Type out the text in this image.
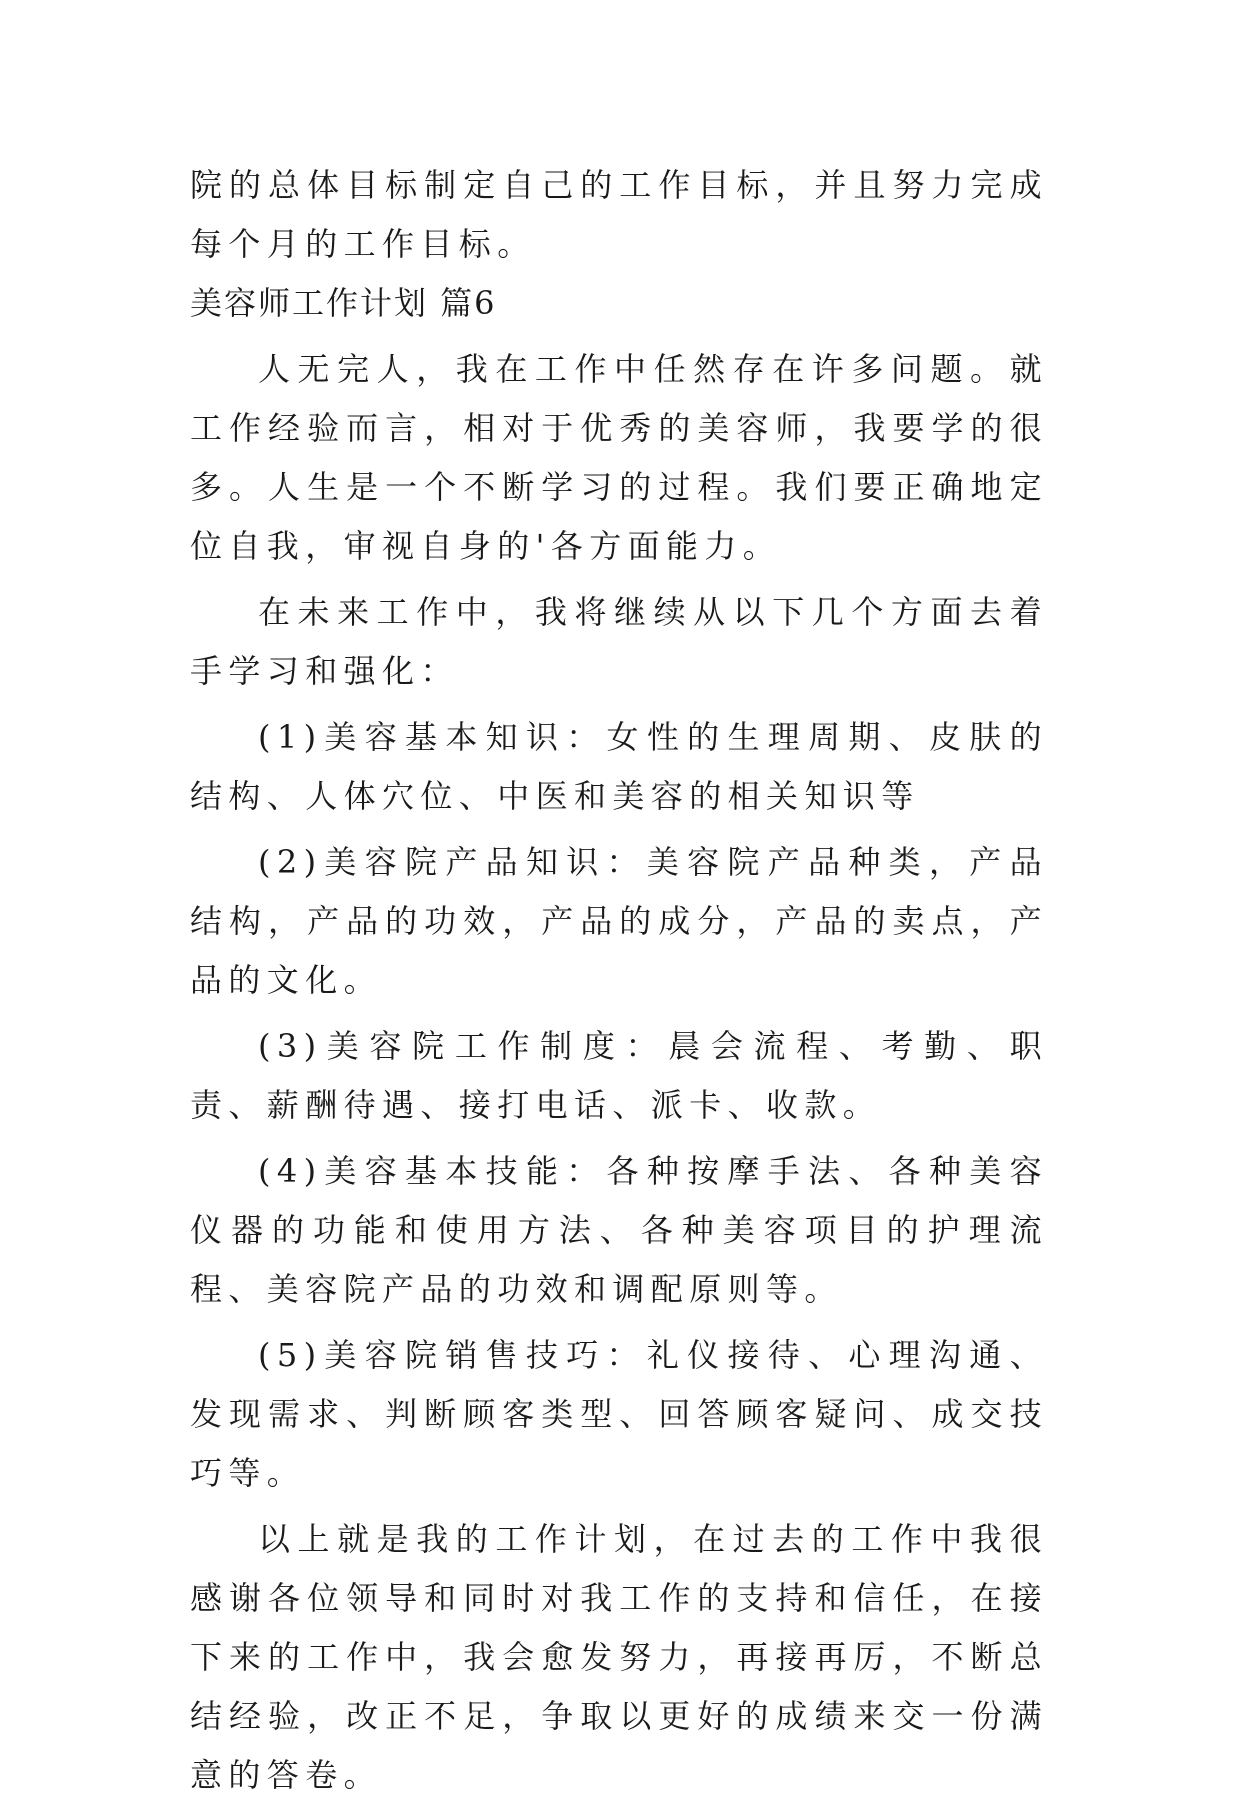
院的总体目标制定自己的工作目标，并且努力完成每个月的工作目标。

美容师工作计划 篇6

人无完人，我在工作中任然存在许多问题。就工作经验而言，相对于优秀的美容师，我要学的很多。人生是一个不断学习的过程。我们要正确地定位自我，审视自身的'各方面能力。

在未来工作中，我将继续从以下几个方面去着手学习和强化：

(1)美容基本知识：女性的生理周期、皮肤的结构、人体穴位、中医和美容的相关知识等

(2)美容院产品知识：美容院产品种类，产品结构，产品的功效，产品的成分，产品的卖点，产品的文化。

(3)美容院工作制度：晨会流程、考勤、职责、薪酬待遇、接打电话、派卡、收款。

(4)美容基本技能：各种按摩手法、各种美容仪器的功能和使用方法、各种美容项目的护理流程、美容院产品的功效和调配原则等。

(5)美容院销售技巧：礼仪接待、心理沟通、发现需求、判断顾客类型、回答顾客疑问、成交技巧等。

以上就是我的工作计划，在过去的工作中我很感谢各位领导和同时对我工作的支持和信任，在接下来的工作中，我会愈发努力，再接再厉，不断总结经验，改正不足，争取以更好的成绩来交一份满意的答卷。
